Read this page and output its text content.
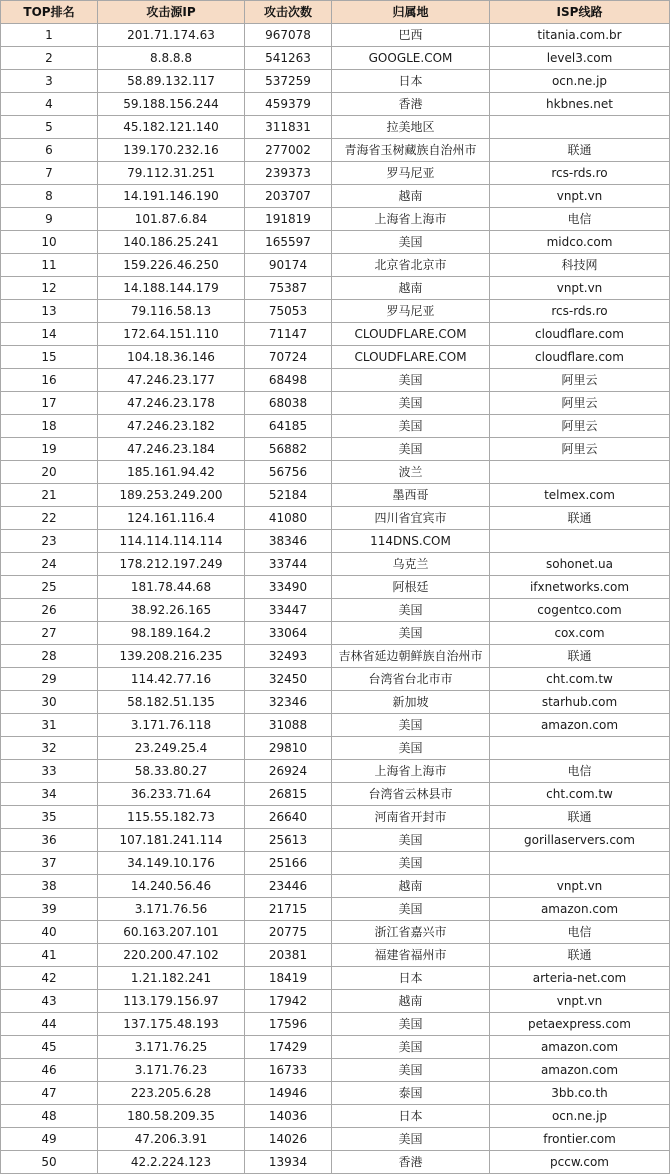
TOP排名	攻击源IP	攻击次数	归属地	ISP线路
1	201.71.174.63	967078	巴西	titania.com.br
2	8.8.8.8	541263	GOOGLE.COM	level3.com
3	58.89.132.117	537259	日本	ocn.ne.jp
4	59.188.156.244	459379	香港	hkbnes.net
5	45.182.121.140	311831	拉美地区	
6	139.170.232.16	277002	青海省玉树藏族自治州市	联通
7	79.112.31.251	239373	罗马尼亚	rcs-rds.ro
8	14.191.146.190	203707	越南	vnpt.vn
9	101.87.6.84	191819	上海省上海市	电信
10	140.186.25.241	165597	美国	midco.com
11	159.226.46.250	90174	北京省北京市	科技网
12	14.188.144.179	75387	越南	vnpt.vn
13	79.116.58.13	75053	罗马尼亚	rcs-rds.ro
14	172.64.151.110	71147	CLOUDFLARE.COM	cloudflare.com
15	104.18.36.146	70724	CLOUDFLARE.COM	cloudflare.com
16	47.246.23.177	68498	美国	阿里云
17	47.246.23.178	68038	美国	阿里云
18	47.246.23.182	64185	美国	阿里云
19	47.246.23.184	56882	美国	阿里云
20	185.161.94.42	56756	波兰	
21	189.253.249.200	52184	墨西哥	telmex.com
22	124.161.116.4	41080	四川省宜宾市	联通
23	114.114.114.114	38346	114DNS.COM	
24	178.212.197.249	33744	乌克兰	sohonet.ua
25	181.78.44.68	33490	阿根廷	ifxnetworks.com
26	38.92.26.165	33447	美国	cogentco.com
27	98.189.164.2	33064	美国	cox.com
28	139.208.216.235	32493	吉林省延边朝鲜族自治州市	联通
29	114.42.77.16	32450	台湾省台北市市	cht.com.tw
30	58.182.51.135	32346	新加坡	starhub.com
31	3.171.76.118	31088	美国	amazon.com
32	23.249.25.4	29810	美国	
33	58.33.80.27	26924	上海省上海市	电信
34	36.233.71.64	26815	台湾省云林县市	cht.com.tw
35	115.55.182.73	26640	河南省开封市	联通
36	107.181.241.114	25613	美国	gorillaservers.com
37	34.149.10.176	25166	美国	
38	14.240.56.46	23446	越南	vnpt.vn
39	3.171.76.56	21715	美国	amazon.com
40	60.163.207.101	20775	浙江省嘉兴市	电信
41	220.200.47.102	20381	福建省福州市	联通
42	1.21.182.241	18419	日本	arteria-net.com
43	113.179.156.97	17942	越南	vnpt.vn
44	137.175.48.193	17596	美国	petaexpress.com
45	3.171.76.25	17429	美国	amazon.com
46	3.171.76.23	16733	美国	amazon.com
47	223.205.6.28	14946	泰国	3bb.co.th
48	180.58.209.35	14036	日本	ocn.ne.jp
49	47.206.3.91	14026	美国	frontier.com
50	42.2.224.123	13934	香港	pccw.com
